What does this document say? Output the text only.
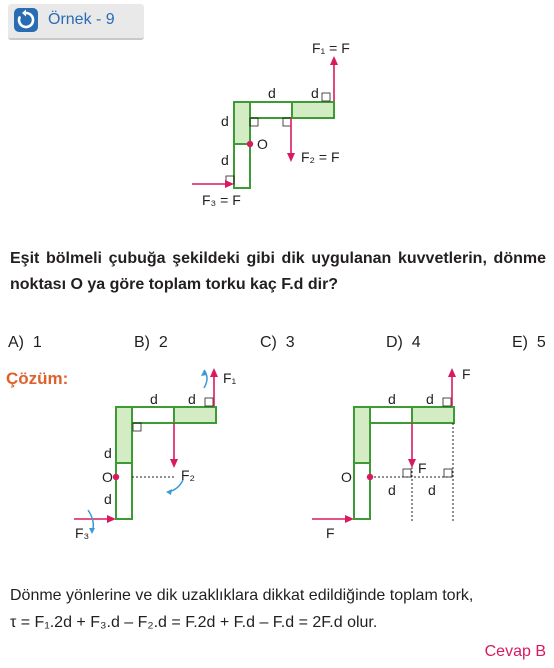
Örnek - 9
F₁ = F
F₂ = F
F₃ = F
d	d
d
d
O
Eşit bölmeli çubuğa şekildeki gibi dik uygulanan kuvvetlerin, dönme noktası O ya göre toplam torku kaç F.d dir?
A) 1	B) 2	C) 3	D) 4	E) 5
Çözüm:	F₁
F₂
F₃
d d
d
d
O
F
F
F
d d
d d
O
Dönme yönlerine ve dik uzaklıklara dikkat edildiğinde toplam tork,
τ = F₁.2d + F₃.d – F₂.d = F.2d + F.d – F.d = 2F.d olur.
Cevap B
